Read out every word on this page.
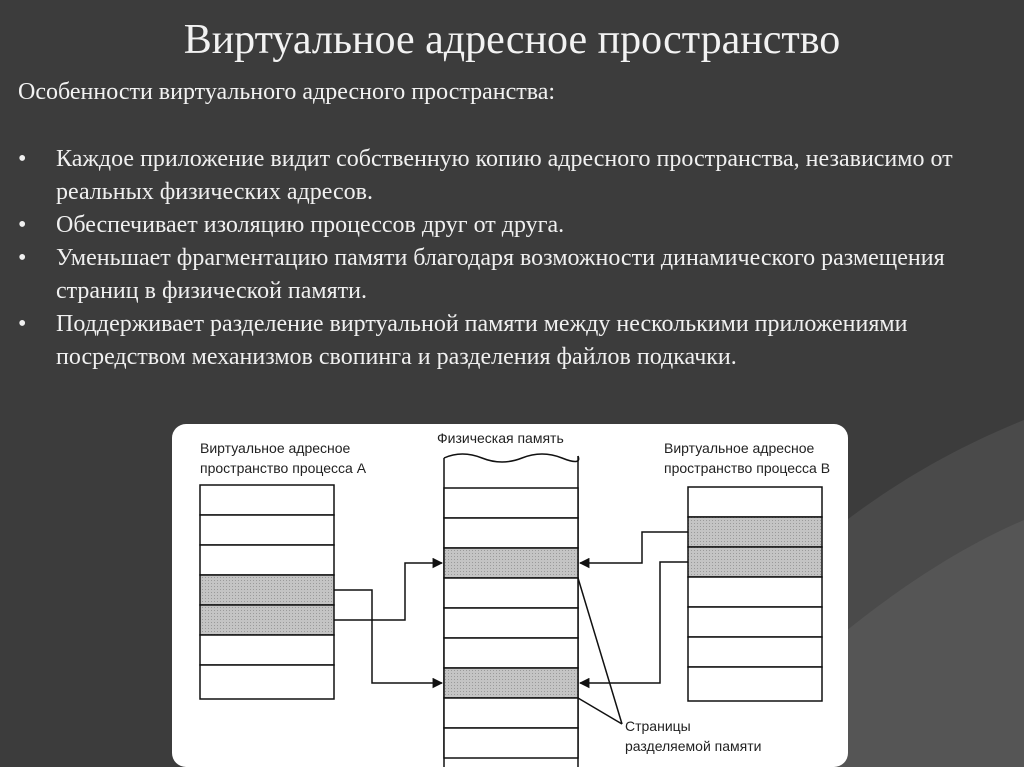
Виртуальное адресное пространство

Особенности виртуального адресного пространства:

•	Каждое приложение видит собственную копию адресного пространства, независимо от реальных физических адресов.
•	Обеспечивает изоляцию процессов друг от друга.
•	Уменьшает фрагментацию памяти благодаря возможности динамического размещения страниц в физической памяти.
•	Поддерживает разделение виртуальной памяти между несколькими приложениями посредством механизмов свопинга и разделения файлов подкачки.

Виртуальное адресное
пространство процесса А

Физическая память

Виртуальное адресное
пространство процесса В

Страницы
разделяемой памяти
